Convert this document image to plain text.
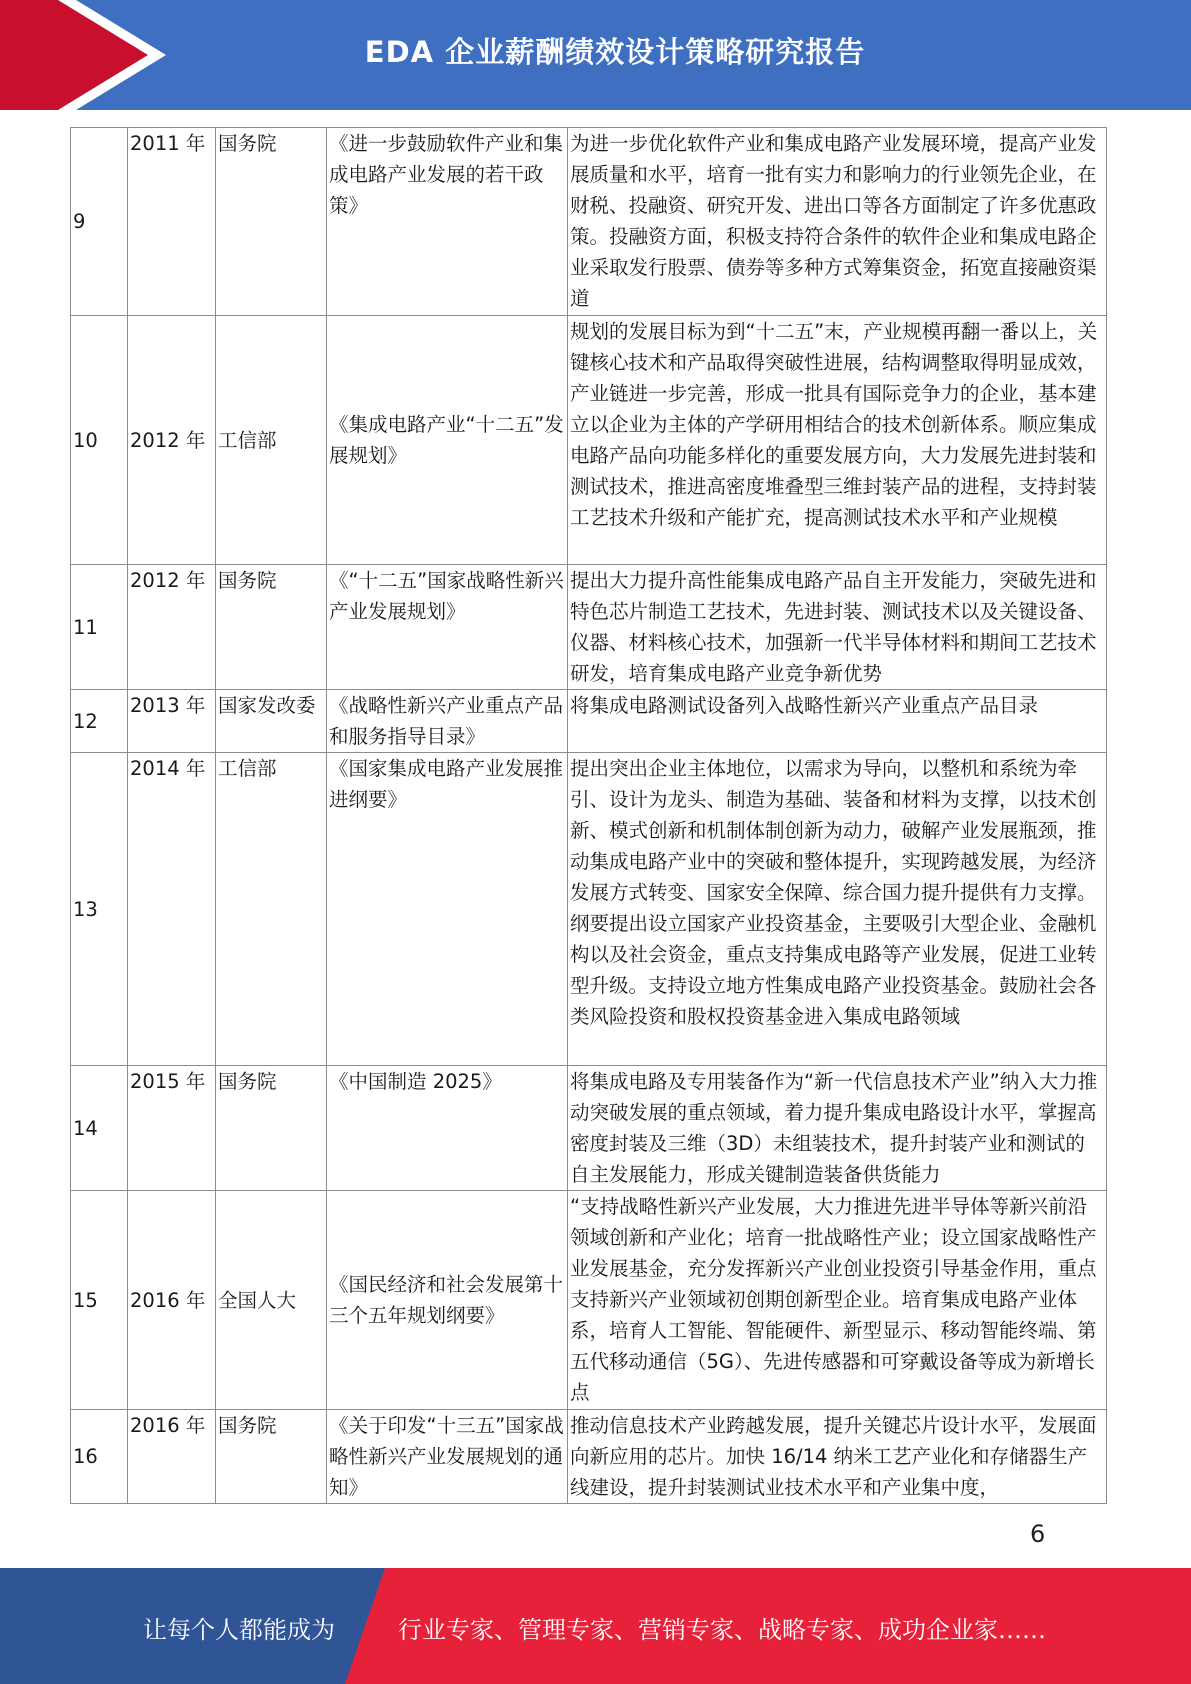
EDA 企业薪酬绩效设计策略研究报告
9	2011 年	国务院	《进一步鼓励软件产业和集成电路产业发展的若干政策》	为进一步优化软件产业和集成电路产业发展环境，提高产业发展质量和水平，培育一批有实力和影响力的行业领先企业，在财税、投融资、研究开发、进出口等各方面制定了许多优惠政策。投融资方面，积极支持符合条件的软件企业和集成电路企业采取发行股票、债券等多种方式筹集资金，拓宽直接融资渠道
10	2012 年	工信部	《集成电路产业“十二五”发展规划》	规划的发展目标为到“十二五”末，产业规模再翻一番以上，关键核心技术和产品取得突破性进展，结构调整取得明显成效，产业链进一步完善，形成一批具有国际竞争力的企业，基本建立以企业为主体的产学研用相结合的技术创新体系。顺应集成电路产品向功能多样化的重要发展方向，大力发展先进封装和测试技术，推进高密度堆叠型三维封装产品的进程，支持封装工艺技术升级和产能扩充，提高测试技术水平和产业规模
11	2012 年	国务院	《“十二五”国家战略性新兴产业发展规划》	提出大力提升高性能集成电路产品自主开发能力，突破先进和特色芯片制造工艺技术，先进封装、测试技术以及关键设备、仪器、材料核心技术，加强新一代半导体材料和期间工艺技术研发，培育集成电路产业竞争新优势
12	2013 年	国家发改委	《战略性新兴产业重点产品和服务指导目录》	将集成电路测试设备列入战略性新兴产业重点产品目录
13	2014 年	工信部	《国家集成电路产业发展推进纲要》	提出突出企业主体地位，以需求为导向，以整机和系统为牵引、设计为龙头、制造为基础、装备和材料为支撑，以技术创新、模式创新和机制体制创新为动力，破解产业发展瓶颈，推动集成电路产业中的突破和整体提升，实现跨越发展，为经济发展方式转变、国家安全保障、综合国力提升提供有力支撑。纲要提出设立国家产业投资基金，主要吸引大型企业、金融机构以及社会资金，重点支持集成电路等产业发展，促进工业转型升级。支持设立地方性集成电路产业投资基金。鼓励社会各类风险投资和股权投资基金进入集成电路领域
14	2015 年	国务院	《中国制造 2025》	将集成电路及专用装备作为“新一代信息技术产业”纳入大力推动突破发展的重点领域，着力提升集成电路设计水平，掌握高密度封装及三维（3D）未组装技术，提升封装产业和测试的自主发展能力，形成关键制造装备供货能力
15	2016 年	全国人大	《国民经济和社会发展第十三个五年规划纲要》	“支持战略性新兴产业发展，大力推进先进半导体等新兴前沿领域创新和产业化；培育一批战略性产业；设立国家战略性产业发展基金，充分发挥新兴产业创业投资引导基金作用，重点支持新兴产业领域初创期创新型企业。培育集成电路产业体系，培育人工智能、智能硬件、新型显示、移动智能终端、第五代移动通信（5G）、先进传感器和可穿戴设备等成为新增长点
16	2016 年	国务院	《关于印发“十三五”国家战略性新兴产业发展规划的通知》	推动信息技术产业跨越发展，提升关键芯片设计水平，发展面向新应用的芯片。加快 16/14 纳米工艺产业化和存储器生产线建设，提升封装测试业技术水平和产业集中度，
6
让每个人都能成为	行业专家、管理专家、营销专家、战略专家、成功企业家……
